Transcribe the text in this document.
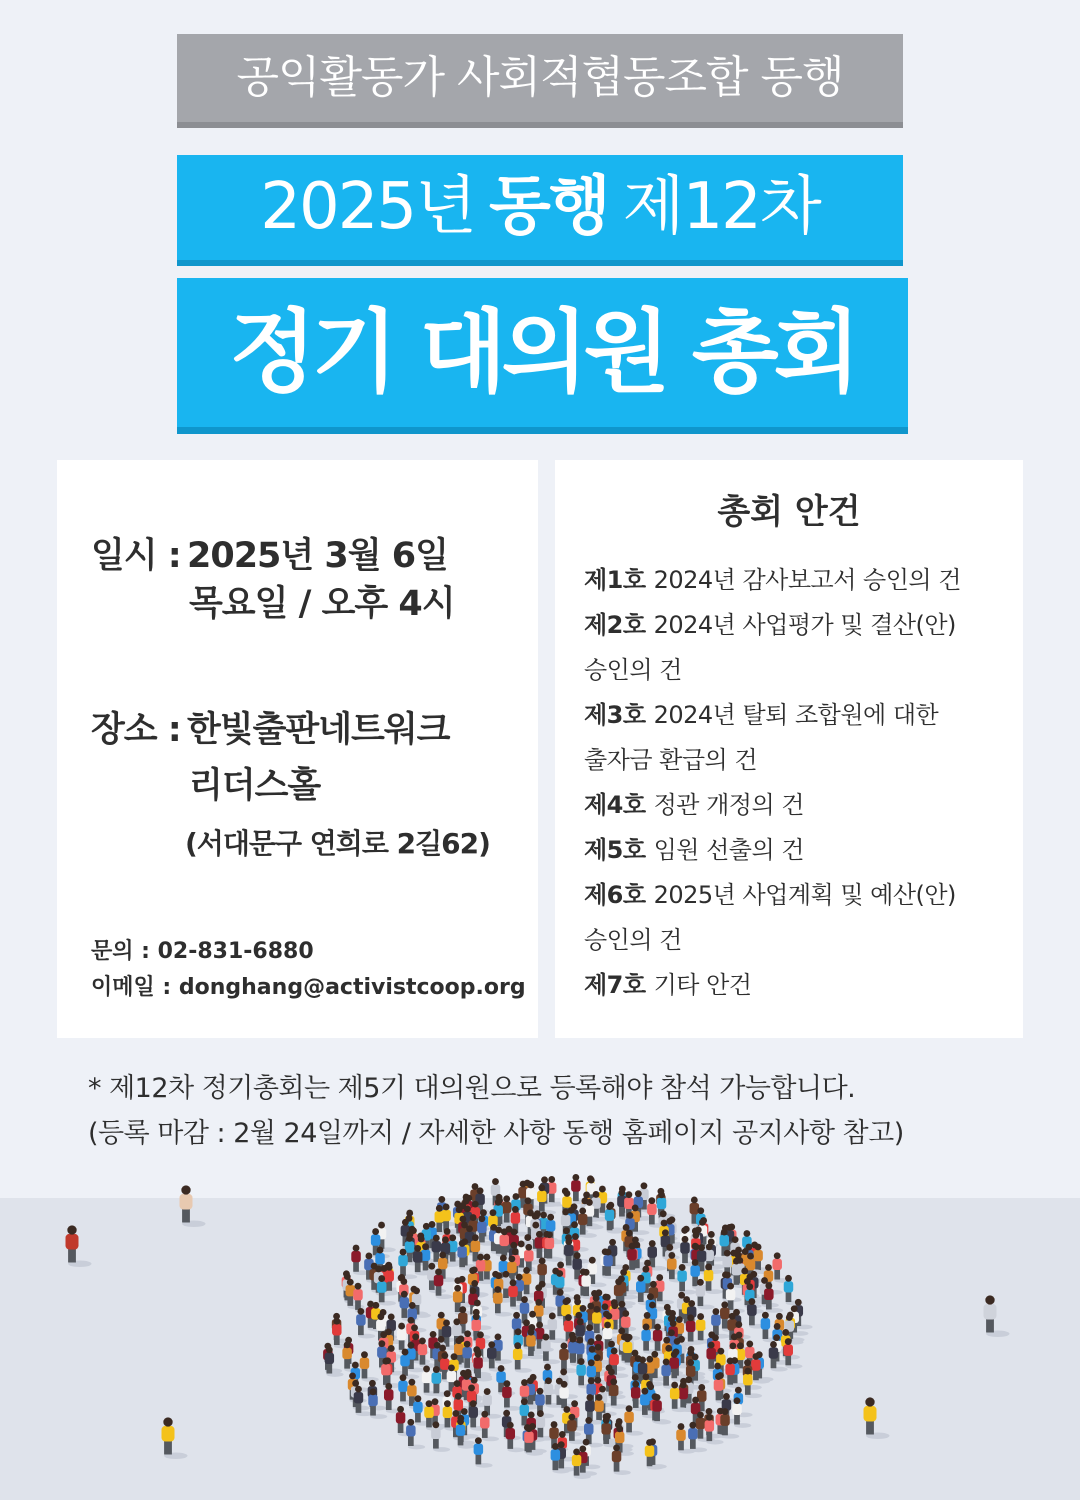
공익활동가 사회적협동조합 동행
2025년 동행 제12차
정기 대의원 총회
일시 : 2025년 3월 6일
목요일 / 오후 4시
장소 : 한빛출판네트워크
리더스홀
(서대문구 연희로 2길62)
문의 : 02-831-6880
이메일 : donghang@activistcoop.org
총회 안건
제1호 2024년 감사보고서 승인의 건
제2호 2024년 사업평가 및 결산(안)
승인의 건
제3호 2024년 탈퇴 조합원에 대한
출자금 환급의 건
제4호 정관 개정의 건
제5호 임원 선출의 건
제6호 2025년 사업계획 및 예산(안)
승인의 건
제7호 기타 안건
* 제12차 정기총회는 제5기 대의원으로 등록해야 참석 가능합니다.
(등록 마감 : 2월 24일까지 / 자세한 사항 동행 홈페이지 공지사항 참고)
